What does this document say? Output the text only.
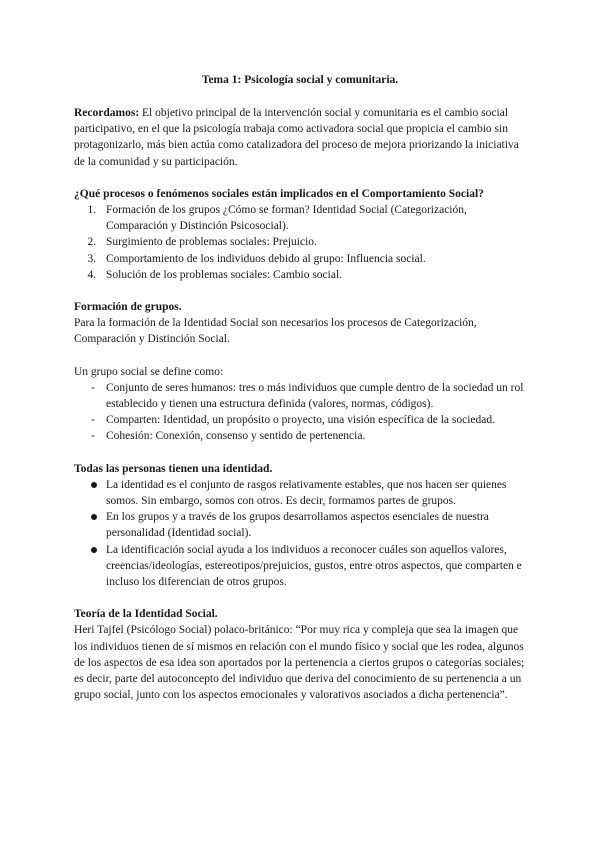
Tema 1: Psicología social y comunitaria.

Recordamos: El objetivo principal de la intervención social y comunitaria es el cambio social participativo, en el que la psicología trabaja como activadora social que propicia el cambio sin protagonizarlo, más bien actúa como catalizadora del proceso de mejora priorizando la iniciativa de la comunidad y su participación.

¿Qué procesos o fenómenos sociales están implicados en el Comportamiento Social?

1. Formación de los grupos ¿Cómo se forman? Identidad Social (Categorización, Comparación y Distinción Psicosocial).
2. Surgimiento de problemas sociales: Prejuicio.
3. Comportamiento de los individuos debido al grupo: Influencia social.
4. Solución de los problemas sociales: Cambio social.

Formación de grupos.

Para la formación de la Identidad Social son necesarios los procesos de Categorización, Comparación y Distinción Social.

Un grupo social se define como:

- Conjunto de seres humanos: tres o más individuos que cumple dentro de la sociedad un rol establecido y tienen una estructura definida (valores, normas, códigos).
- Comparten: Identidad, un propósito o proyecto, una visión específica de la sociedad.
- Cohesión: Conexión, consenso y sentido de pertenencia.

Todas las personas tienen una identidad.

La identidad es el conjunto de rasgos relativamente estables, que nos hacen ser quienes somos. Sin embargo, somos con otros. Es decir, formamos partes de grupos.
En los grupos y a través de los grupos desarrollamos aspectos esenciales de nuestra personalidad (Identidad social).
La identificación social ayuda a los individuos a reconocer cuáles son aquellos valores, creencias/ideologías, estereotipos/prejuicios, gustos, entre otros aspectos, que comparten e incluso los diferencian de otros grupos.

Teoría de la Identidad Social.

Heri Tajfel (Psicólogo Social) polaco-británico: “Por muy rica y compleja que sea la imagen que los individuos tienen de sí mismos en relación con el mundo físico y social que les rodea, algunos de los aspectos de esa idea son aportados por la pertenencia a ciertos grupos o categorías sociales; es decir, parte del autoconcepto del individuo que deriva del conocimiento de su pertenencia a un grupo social, junto con los aspectos emocionales y valorativos asociados a dicha pertenencia”.
